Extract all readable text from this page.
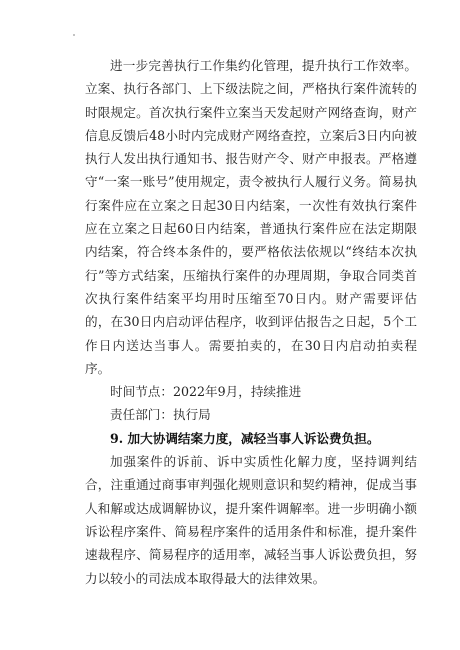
进一步完善执行工作集约化管理，提升执行工作效率。立案、执行各部门、上下级法院之间，严格执行案件流转的时限规定。首次执行案件立案当天发起财产网络查询，财产信息反馈后48小时内完成财产网络查控，立案后3日内向被执行人发出执行通知书、报告财产令、财产申报表。严格遵守“一案一账号”使用规定，责令被执行人履行义务。简易执行案件应在立案之日起30日内结案，一次性有效执行案件应在立案之日起60日内结案，普通执行案件应在法定期限内结案，符合终本条件的，要严格依法依规以“终结本次执行”等方式结案，压缩执行案件的办理周期，争取合同类首次执行案件结案平均用时压缩至70日内。财产需要评估的，在30日内启动评估程序，收到评估报告之日起，5个工作日内送达当事人。需要拍卖的，在30日内启动拍卖程序。

时间节点：2022年9月，持续推进

责任部门：执行局

9. 加大协调结案力度，减轻当事人诉讼费负担。

加强案件的诉前、诉中实质性化解力度，坚持调判结合，注重通过商事审判强化规则意识和契约精神，促成当事人和解或达成调解协议，提升案件调解率。进一步明确小额诉讼程序案件、简易程序案件的适用条件和标准，提升案件速裁程序、简易程序的适用率，减轻当事人诉讼费负担，努力以较小的司法成本取得最大的法律效果。
